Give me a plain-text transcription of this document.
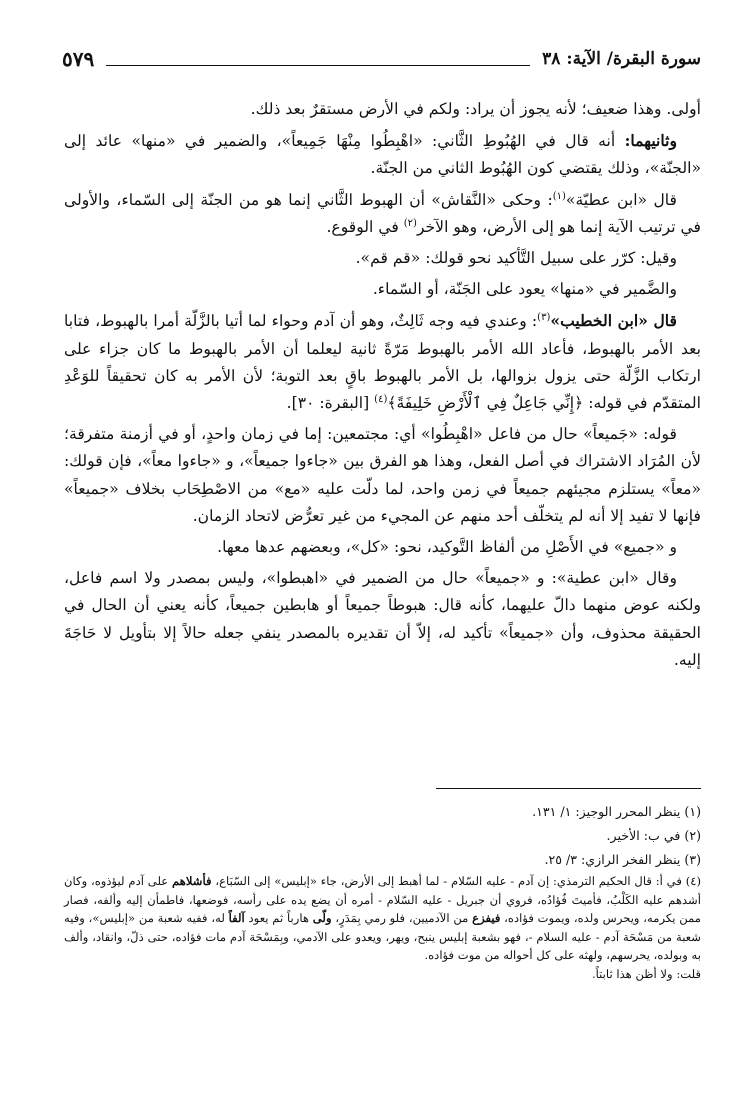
سورة البقرة/ الآية: ٣٨
٥٧٩

أولى. وهذا ضعيف؛ لأنه يجوز أن يراد: ولكم في الأرض مستقرٌ بعد ذلك.

وثانيهما: أنه قال في الهُبُوطِ الثَّاني: «اهْبِطُوا مِنْهَا جَمِيعاً»، والضمير في «منها» عائد إلى «الجنّة»، وذلك يقتضي كون الهُبُوط الثاني من الجنّة.

قال «ابن عطيّة»$^{(١)}$: وحكى «النَّقاش» أن الهبوط الثَّاني إنما هو من الجنّة إلى السّماء، والأولى في ترتيب الآية إنما هو إلى الأرض، وهو الآخر$^{(٢)}$ في الوقوع.

وقيل: كرّر على سبيل التَّأكيد نحو قولك: «قم قم».

والضَّمير في «منها» يعود على الجَنّة، أو السّماء.

قال «ابن الخطيب»$^{(٣)}$: وعندي فيه وجه ثَالِثٌ، وهو أن آدم وحواء لما أتيا بالزَّلّة أمرا بالهبوط، فتابا بعد الأمر بالهبوط، فأعاد الله الأمر بالهبوط مَرّةً ثانية ليعلما أن الأمر بالهبوط ما كان جزاء على ارتكاب الزَّلّة حتى يزول بزوالها، بل الأمر بالهبوط باقٍ بعد التوبة؛ لأن الأمر به كان تحقيقاً للوَعْدِ المتقدّم في قوله: ﴿إِنِّي جَاعِلٌ فِي ٱلْأَرْضِ خَلِيفَةً﴾$^{(٤)}$ [البقرة: ٣٠].

قوله: «جَميعاً» حال من فاعل «اهْبِطُوا» أي: مجتمعين: إما في زمان واحدٍ، أو في أزمنة متفرقة؛ لأن المُرَاد الاشتراك في أصل الفعل، وهذا هو الفرق بين «جاءوا جميعاً»، و «جاءوا معاً»، فإن قولك: «معاً» يستلزم مجيئهم جميعاً في زمن واحد، لما دلّت عليه «مع» من الاصْطِحَاب بخلاف «جميعاً» فإنها لا تفيد إلا أنه لم يتخلّف أحد منهم عن المجيء من غير تعرُّض لاتحاد الزمان.

و «جميع» في الأَصْلِ من ألفاظ التَّوكيد، نحو: «كل»، وبعضهم عدها معها.

وقال «ابن عطية»: و «جميعاً» حال من الضمير في «اهبطوا»، وليس بمصدر ولا اسم فاعل، ولكنه عوض منهما دالّ عليهما، كأنه قال: هبوطاً جميعاً أو هابطين جميعاً، كأنه يعني أن الحال في الحقيقة محذوف، وأن «جميعاً» تأكيد له، إلاّ أن تقديره بالمصدر ينفي جعله حالاً إلا بتأويل لا حَاجَةَ إليه.

(١) ينظر المحرر الوجيز: ١/ ١٣١.

(٢) في ب: الأخير.

(٣) ينظر الفخر الرازي: ٣/ ٢٥.

(٤) في أ: قال الحكيم الترمذي: إن آدم - عليه السّلام - لما أهبط إلى الأرض، جاء «إبليس» إلى السّبَاع، فأشلاهم على آدم ليؤذوه، وكان أشدهم عليه الكَلْبُ، فأميتَ فُؤادُه، فروي أن جبريل - عليه السّلام - أمره أن يضع يده على رأسه، فوضعها، فاطمأن إليه وألفه، فصار ممن يكرمه، ويحرس ولده، ويموت فؤاده، فيفزع من الآدميين، فلو رمي بِمَدَرٍ، ولّى هارباً ثم يعود آلفاً له، ففيه شعبة من «إبليس»، وفيه شعبة من مَسْحَة آدم - عليه السلام -، فهو بشعبة إبليس ينبح، ويهر، ويعدو على الآدمي، وبِمَسْحَة آدم مات فؤاده، حتى ذلّ، وانقاد، وألف به وبولده، يحرسهم، ولهثه على كل أحواله من موت فؤاده.

قلت: ولا أظن هذا ثابتاً.
